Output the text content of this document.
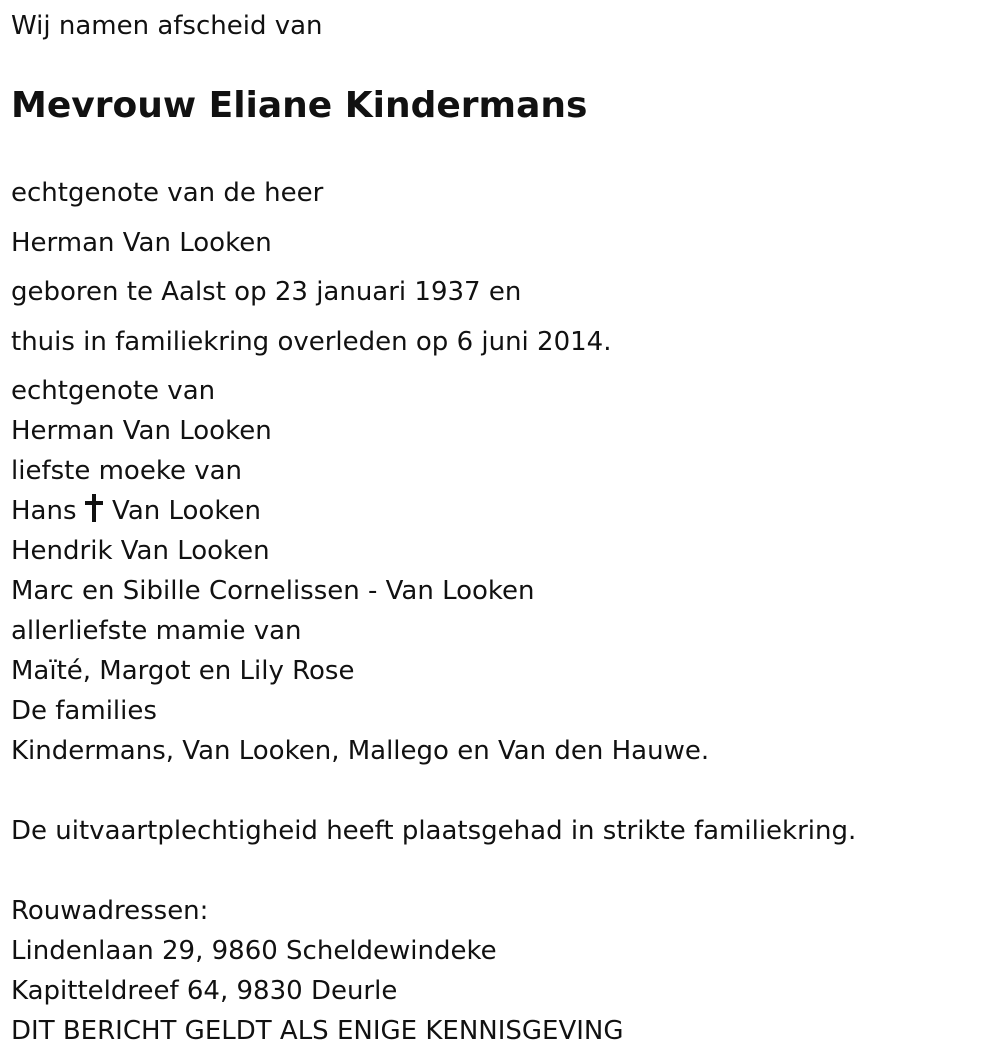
Wij namen afscheid van

Mevrouw Eliane Kindermans

echtgenote van de heer

Herman Van Looken

geboren te Aalst op 23 januari 1937 en

thuis in familiekring overleden op 6 juni 2014.

echtgenote van

Herman Van Looken

liefste moeke van

Hans Van Looken

Hendrik Van Looken

Marc en Sibille Cornelissen - Van Looken

allerliefste mamie van

Maïté, Margot en Lily Rose

De families

Kindermans, Van Looken, Mallego en Van den Hauwe.

De uitvaartplechtigheid heeft plaatsgehad in strikte familiekring.

Rouwadressen:

Lindenlaan 29, 9860 Scheldewindeke

Kapitteldreef 64, 9830 Deurle

DIT BERICHT GELDT ALS ENIGE KENNISGEVING
